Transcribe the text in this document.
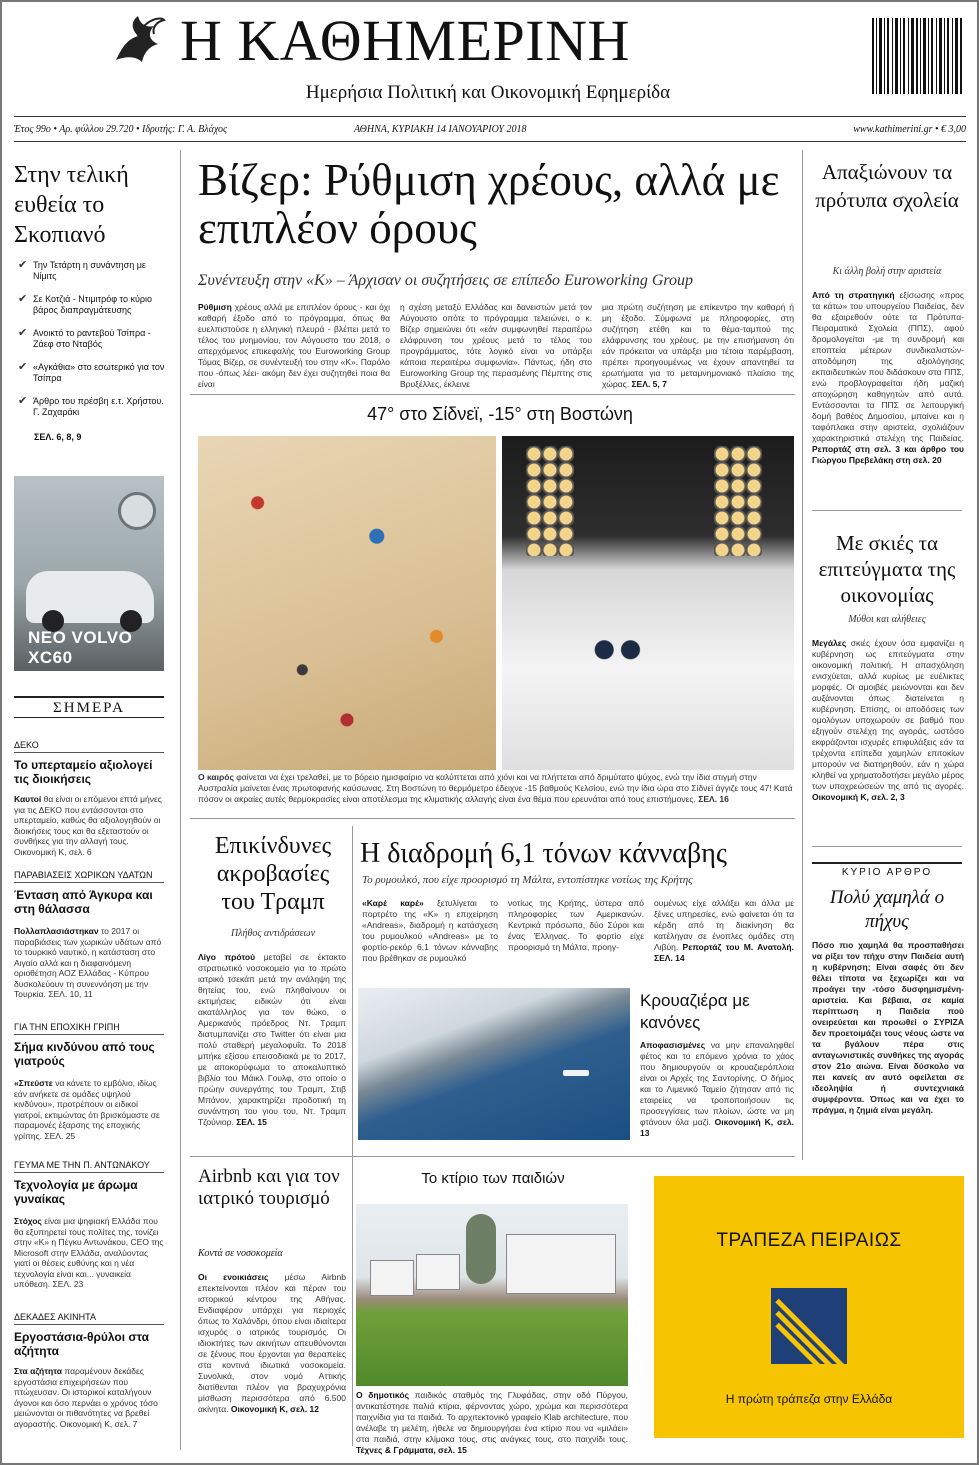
Η ΚΑΘΗΜΕΡΙΝΗ
Ημερήσια Πολιτική και Οικονομική Εφημερίδα
Έτος 99ο • Αρ. φύλλου 29.720 • Ιδρυτής: Γ. Α. Βλάχος	ΑΘΗΝΑ, ΚΥΡΙΑΚΗ 14 ΙΑΝΟΥΑΡΙΟΥ 2018	www.kathimerini.gr • € 3,00
Στην τελική ευθεία το Σκοπιανό
✔ Την Τετάρτη η συνάντηση με Νίμιτς
✔ Σε Κοτζιά - Ντιμιτρόφ το κύριο βάρος διαπραγμάτευσης
✔ Ανοικτό το ραντεβού Τσίπρα - Ζάεφ στο Νταβός
✔ «Αγκάθια» στο εσωτερικό για τον Τσίπρα
✔ Άρθρο του πρέσβη ε.τ. Χρήστου. Γ. Ζαχαράκι
ΣΕΛ. 6, 8, 9
ΝΕΟ VOLVO XC60
ΣΗΜΕΡΑ
ΔΕΚΟ
Το υπερταμείο αξιολογεί τις διοικήσεις
Καυτοί θα είναι οι επόμενοι επτά μήνες για τις ΔΕΚΟ που εντάσσονται στο υπερταμείο, καθώς θα αξιολογηθούν οι διοικήσεις τους και θα εξεταστούν οι συνθήκες για την αλλαγή τους. Οικονομική Κ, σελ. 6
ΠΑΡΑΒΙΑΣΕΙΣ ΧΩΡΙΚΩΝ ΥΔΑΤΩΝ
Ένταση από Άγκυρα και στη θάλασσα
Πολλαπλασιάστηκαν το 2017 οι παραβιάσεις των χωρικών υδάτων από το τουρκικό ναυτικό, η κατάσταση στο Αιγαίο αλλά και η διαφαινόμενη οριοθέτηση ΑΟΖ Ελλάδας - Κύπρου δυσκολεύουν τη συνεννόηση με την Τουρκία. ΣΕΛ. 10, 11
ΓΙΑ ΤΗΝ ΕΠΟΧΙΚΗ ΓΡΙΠΗ
Σήμα κινδύνου από τους γιατρούς
«Σπεύστε να κάνετε το εμβόλιο, ιδίως εάν ανήκετε σε ομάδες υψηλού κινδύνου», προτρέπουν οι ειδικοί γιατροί, εκτιμώντας ότι βρισκόμαστε σε παραμονές έξαρσης της εποχικής γρίπης. ΣΕΛ. 25
ΓΕΥΜΑ ΜΕ ΤΗΝ Π. ΑΝΤΩΝΑΚΟΥ
Τεχνολογία με άρωμα γυναίκας
Στόχος είναι μια ψηφιακή Ελλάδα που θα εξυπηρετεί τους πολίτες της, τονίζει στην «Κ» η Πέγκυ Αντωνάκου, CEO της Microsoft στην Ελλάδα, αναλύοντας γιατί οι θέσεις ευθύνης και η νέα τεχνολογία είναι και... γυναικεία υπόθεση. ΣΕΛ. 23
ΔΕΚΑΔΕΣ ΑΚΙΝΗΤΑ
Εργοστάσια-θρύλοι στα αζήτητα
Στα αζήτητα παραμένουν δεκάδες εργοστάσια επιχειρήσεων που πτώχευσαν. Οι ιστορικοί καταλήγουν άγονοι και όσο περνάει ο χρόνος τόσο μειώνονται οι πιθανότητες να βρεθεί αγοραστής. Οικονομική Κ, σελ. 7
Βίζερ: Ρύθμιση χρέους, αλλά με επιπλέον όρους
Συνέντευξη στην «Κ» – Άρχισαν οι συζητήσεις σε επίπεδο Euroworking Group
Ρύθμιση χρέους αλλά με επιπλέον όρους - και όχι καθαρή έξοδο από το πρόγραμμα, όπως θα ευελπιστούσε η ελληνική πλευρά - βλέπει μετά το τέλος του μνημονίου, τον Αύγουστο του 2018, ο απερχόμενος επικεφαλής του Euroworking Group Τόμας Βίζερ, σε συνέντευξή του στην «Κ». Παρόλο που -όπως λέει- ακόμη δεν έχει συζητηθεί ποια θα είναι
η σχέση μεταξύ Ελλάδας και δανειστών μετά τον Αύγουστο οπότε το πρόγραμμα τελειώνει, ο κ. Βίζερ σημειώνει ότι «εάν συμφωνηθεί περαιτέρω ελάφρυνση του χρέους μετά το τέλος του προγράμματος, τότε λογικό είναι να υπάρξει κάποια περαιτέρω συμφωνία». Πάντως, ήδη στο Euroworking Group της περασμένης Πέμπτης στις Βρυξέλλες, έκλεινε
μια πρώτη συζήτηση με επίκεντρο την καθαρή ή μη έξοδο. Σύμφωνα με πληροφορίες, στη συζήτηση ετέθη και το θέμα-ταμπού της ελάφρυνσης του χρέους, με την επισήμανση ότι εάν πρόκειται να υπάρξει μια τέτοια παρέμβαση, πρέπει προηγουμένως να έχουν απαντηθεί τα ερωτήματα για το μεταμνημονιακό πλαίσιο της χώρας. ΣΕΛ. 5, 7
47° στο Σίδνεϊ, -15° στη Βοστώνη
Ο καιρός φαίνεται να έχει τρελαθεί, με το βόρειο ημισφαίριο να καλύπτεται από χιόνι και να πλήττεται από δριμύτατο ψύχος, ενώ την ίδια στιγμή στην Αυστραλία μαίνεται ένας πρωτοφανής καύσωνας. Στη Βοστώνη το θερμόμετρο έδειχνε -15 βαθμούς Κελσίου, ενώ την ίδια ώρα στο Σίδνεϊ άγγιζε τους 47! Κατά πόσον οι ακραίες αυτές θερμοκρασίες είναι αποτέλεσμα της κλιματικής αλλαγής είναι ένα θέμα που ερευνάται από τους επιστήμονες. ΣΕΛ. 16
Επικίνδυνες ακροβασίες του Τραμπ
Πλήθος αντιδράσεων
Λίγο πρότού μεταβεί σε έκτακτο στρατιωτικό νοσοκομείο για το πρώτο ιατρικό τσεκάπ μετά την ανάληψη της θητείας του, ενώ πληθαίνουν οι εκτιμήσεις ειδικών ότι είναι ακατάλληλος για τον θώκο, ο Αμερικανός πρόεδρος Ντ. Τραμπ διατυμπανίζει στο Twitter ότι είναι μια πολύ σταθερή μεγαλοφυΐα. Το 2018 μπήκε εξίσου επεισοδιακά με το 2017, με αποκορύφωμα το αποκαλυπτικό βιβλίο του Μάικλ Γουλφ, στο οποίο ο πρώην συνεργάτης του Τραμπ, Στιβ Μπάνον, χαρακτηρίζει προδοτική τη συνάντηση του γιου του, Ντ. Τραμπ Τζούνιορ. ΣΕΛ. 15
Η διαδρομή 6,1 τόνων κάνναβης
Το ρυμουλκό, που είχε προορισμό τη Μάλτα, εντοπίστηκε νοτίως της Κρήτης
«Καρέ καρέ» ξετυλίγεται το πορτρέτο της «Κ» η επιχείρηση «Andreas», διαδρομή η κατάσχεση του ρυμουλκού «Andreas» με το φορτίο-ρεκόρ 6,1 τόνων κάνναβης που βρέθηκαν σε ρυμουλκό
νοτίως της Κρήτης, ύστερα από πληροφορίες των Αμερικανών. Κεντρικά πρόσωπα, δύο Σύροι και ένας Έλληνας. Το φορτίο είχε προορισμό τη Μάλτα, προηγ-
ουμένως είχε αλλάξει και άλλα με ξένες υπηρεσίες, ενώ φαίνεται ότι τα κέρδη από τη διακίνηση θα κατέληγαν σε ένοπλες ομάδες στη Λιβύη. Ρεπορτάζ του Μ. Ανατολή. ΣΕΛ. 14
Κρουαζιέρα με κανόνες
Αποφασισμένες να μην επαναληφθεί φέτος και το επόμενο χρόνια το χάος που δημιουργούν οι κρουαζιερόπλοια είναι οι Αρχές της Σαντορίνης. Ο δήμος και το Λιμενικό Ταμείο ζήτησαν από τις εταιρείες να τροποποιήσουν τις προσεγγίσεις των πλοίων, ώστε να μη φτάνουν όλα μαζί. Οικονομική Κ, σελ. 13
Airbnb και για τον ιατρικό τουρισμό
Κοντά σε νοσοκομεία
Οι ενοικιάσεις μέσω Airbnb επεκτείνονται πλέον και πέραν του ιστορικού κέντρου της Αθήνας. Ενδιαφέρον υπάρχει για περιοχές όπως το Χαλάνδρι, όπου είναι ιδιαίτερα ισχυρός ο ιατρικός τουρισμός. Οι ιδιοκτήτες των ακινήτων απευθύνονται σε ξένους που έρχονται για θεραπείες στα κοντινά ιδιωτικά νοσοκομεία. Συνολικά, στον νομό Αττικής διατίθενται πλέον για βραχυχρόνια μίσθωση περισσότερα από 6.500 ακίνητα. Οικονομική Κ, σελ. 12
Το κτίριο των παιδιών
Ο δημοτικός παιδικός σταθμός της Γλυφάδας, στην οδό Πύργου, αντικατέστησε παλιά κτίρια, φέρνοντας χώρο, χρώμα και περισσότερα παιχνίδια για τα παιδιά. Το αρχιτεκτονικό γραφείο Klab architecture, που ανέλαβε τη μελέτη, ήθελε να δημιουργήσει ένα κτίριο που να «μιλάει» στα παιδιά, στην κλίμακα τους, στις ανάγκες τους, στο παιχνίδι τους. Τέχνες & Γράμματα, σελ. 15
Απαξιώνουν τα πρότυπα σχολεία
Κι άλλη βολή στην αριστεία
Από τη στρατηγική εξίσωσης «προς τα κάτω» του υπουργείου Παιδείας, δεν θα εξαιρεθούν ούτε τα Πρότυπα-Πειραματικά Σχολεία (ΠΠΣ), αφού δρομολογείται -με τη συνδρομή και εποπτεία μέτερων συνδικαλιστών- αποδόμηση της αξιολόγησης εκπαιδευτικών που διδάσκουν στα ΠΠΣ, ενώ προβλογραφείται ήδη μαζική αποχώρηση καθηγητών από αυτά. Εντάσσονται τα ΠΠΣ σε λειτουργική δομή βαθέος Δημοσίου, μπαίνει και η ταφόπλακα στην αριστεία, σχολιάζουν χαρακτηριστικά στελέχη της Παιδείας. Ρεπορτάζ στη σελ. 3 και άρθρο του Γιώργου Πρεβελάκη στη σελ. 20
Με σκιές τα επιτεύγματα της οικονομίας
Μύθοι και αλήθειες
Μεγάλες σκιές έχουν όσα εμφανίζει η κυβέρνηση ως επιτεύγματα στην οικονομική πολιτική. Η απασχόληση ενισχύεται, αλλά κυρίως με ευέλικτες μορφές. Οι αμοιβές μειώνονται και δεν αυξάνονται όπως διατείνεται η κυβέρνηση. Επίσης, οι αποδόσεις των ομολόγων υποχωρούν σε βαθμό που εξηγούν στελέχη της αγοράς, ωστόσο εκφράζονται ισχυρές επιφυλάξεις εάν τα τρέχοντα επίπεδα χαμηλών επιτοκίων μπορούν να διατηρηθούν, εάν η χώρα κληθεί να χρηματοδοτήσει μεγάλο μέρος των υποχρεώσεών της από τις αγορές. Οικονομική Κ, σελ. 2, 3
ΚΥΡΙΟ ΑΡΘΡΟ
Πολύ χαμηλά ο πήχυς
Πόσο πιο χαμηλά θα προσπαθήσει να ρίξει τον πήχυ στην Παιδεία αυτή η κυβέρνηση; Είναι σαφές ότι δεν θέλει τίποτα να ξεχωρίζει και να προάγει την -τόσο δυσφημισμένη- αριστεία. Και βέβαια, σε καμία περίπτωση η Παιδεία πού ονειρεύεται και προωθεί ο ΣΥΡΙΖΑ δεν προετοιμάζει τους νέους ώστε να τα βγάλουν πέρα στις ανταγωνιστικές συνθήκες της αγοράς στον 21ο αιώνα. Είναι δύσκολο να πει κανείς αν αυτό οφείλεται σε ιδεοληψία ή συντεχνιακά συμφέροντα. Όπως και να έχει το πράγμα, η ζημιά είναι μεγάλη.
ΤΡΑΠΕΖΑ ΠΕΙΡΑΙΩΣ
Η πρώτη τράπεζα στην Ελλάδα
